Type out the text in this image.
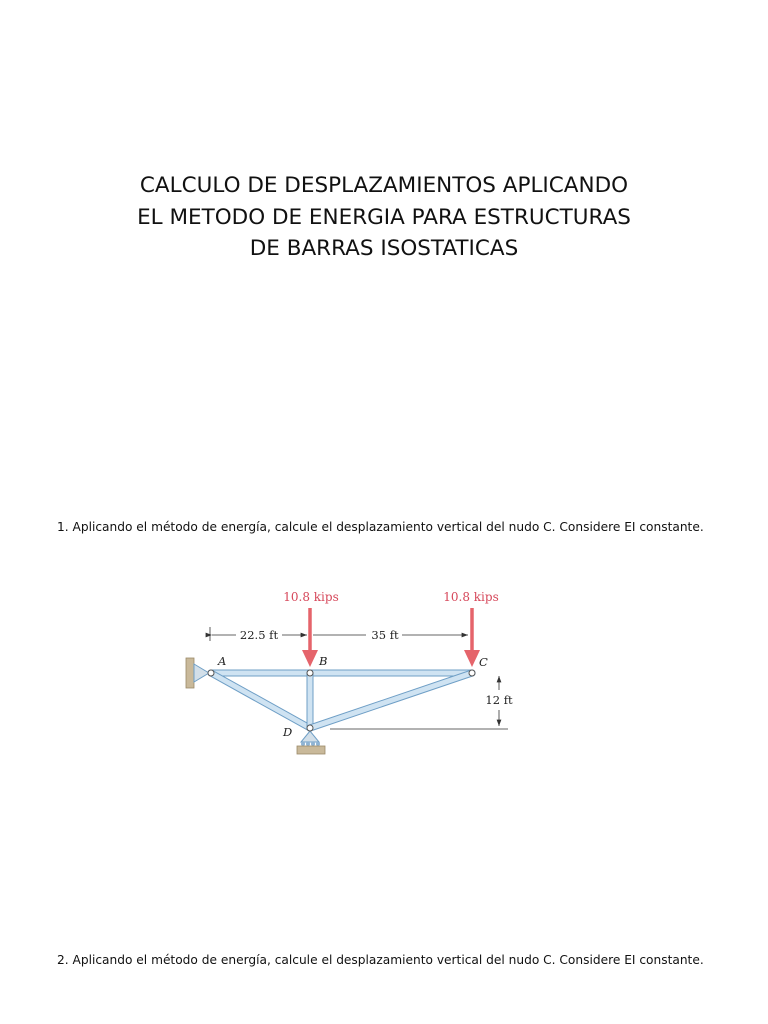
CALCULO DE DESPLAZAMIENTOS APLICANDO
EL METODO DE ENERGIA PARA ESTRUCTURAS
DE BARRAS ISOSTATICAS
1. Aplicando el método de energía, calcule el desplazamiento vertical del nudo C. Considere EI constante.
10.8 kips	10.8 kips
22.5 ft	35 ft
12 ft
A	B	C
D
2. Aplicando el método de energía, calcule el desplazamiento vertical del nudo C. Considere EI constante.
